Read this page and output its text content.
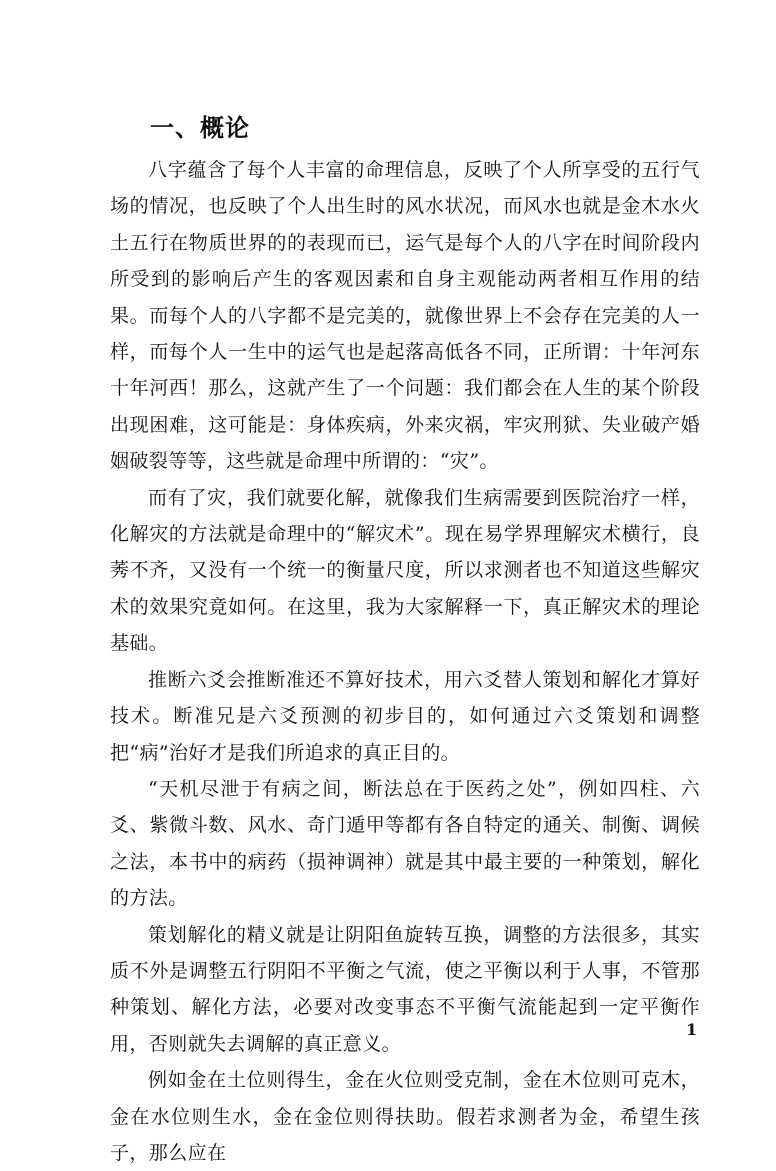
一、概论

八字蕴含了每个人丰富的命理信息，反映了个人所享受的五行气场的情况，也反映了个人出生时的风水状况，而风水也就是金木水火土五行在物质世界的的表现而已，运气是每个人的八字在时间阶段内所受到的影响后产生的客观因素和自身主观能动两者相互作用的结果。而每个人的八字都不是完美的，就像世界上不会存在完美的人一样，而每个人一生中的运气也是起落高低各不同，正所谓：十年河东十年河西！那么，这就产生了一个问题：我们都会在人生的某个阶段出现困难，这可能是：身体疾病，外来灾祸，牢灾刑狱、失业破产婚姻破裂等等，这些就是命理中所谓的：“灾”。

而有了灾，我们就要化解，就像我们生病需要到医院治疗一样，化解灾的方法就是命理中的“解灾术”。现在易学界理解灾术横行，良莠不齐，又没有一个统一的衡量尺度，所以求测者也不知道这些解灾术的效果究竟如何。在这里，我为大家解释一下，真正解灾术的理论基础。

推断六爻会推断准还不算好技术，用六爻替人策划和解化才算好技术。断准兄是六爻预测的初步目的，如何通过六爻策划和调整把“病”治好才是我们所追求的真正目的。

“天机尽泄于有病之间，断法总在于医药之处”，例如四柱、六爻、紫微斗数、风水、奇门遁甲等都有各自特定的通关、制衡、调候之法，本书中的病药（损神调神）就是其中最主要的一种策划，解化的方法。

策划解化的精义就是让阴阳鱼旋转互换，调整的方法很多，其实质不外是调整五行阴阳不平衡之气流，使之平衡以利于人事，不管那种策划、解化方法，必要对改变事态不平衡气流能起到一定平衡作用，否则就失去调解的真正意义。

例如金在土位则得生，金在火位则受克制，金在木位则可克木，金在水位则生水，金在金位则得扶助。假若求测者为金，希望生孩子，那么应在

1
